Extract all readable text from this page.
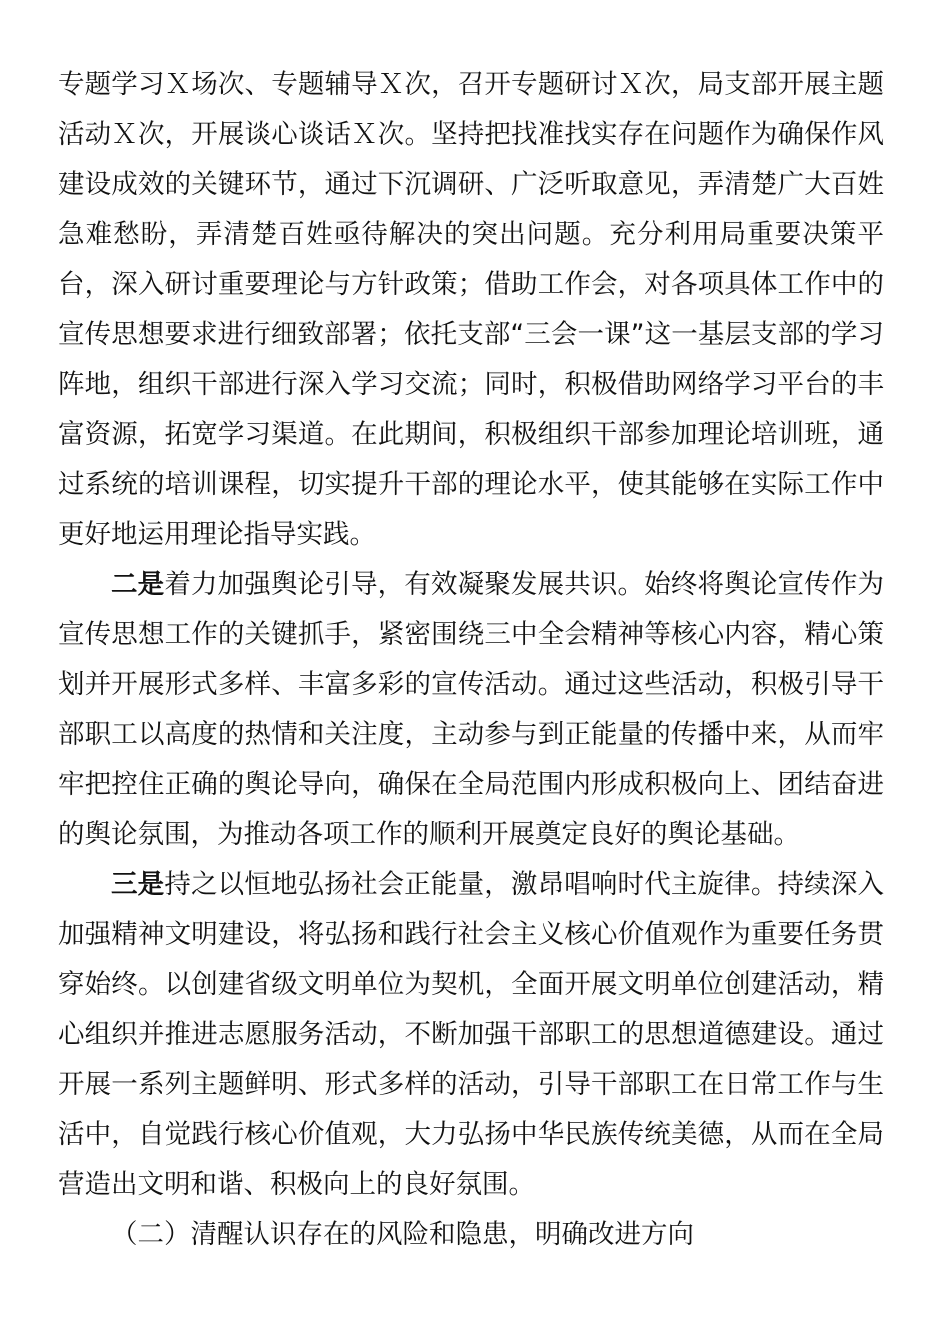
专题学习Ｘ场次、专题辅导Ｘ次，召开专题研讨Ｘ次，局支部开展主题活动Ｘ次，开展谈心谈话Ｘ次。坚持把找准找实存在问题作为确保作风建设成效的关键环节，通过下沉调研、广泛听取意见，弄清楚广大百姓急难愁盼，弄清楚百姓亟待解决的突出问题。充分利用局重要决策平台，深入研讨重要理论与方针政策；借助工作会，对各项具体工作中的宣传思想要求进行细致部署；依托支部“三会一课”这一基层支部的学习阵地，组织干部进行深入学习交流；同时，积极借助网络学习平台的丰富资源，拓宽学习渠道。在此期间，积极组织干部参加理论培训班，通过系统的培训课程，切实提升干部的理论水平，使其能够在实际工作中更好地运用理论指导实践。

二是着力加强舆论引导，有效凝聚发展共识。始终将舆论宣传作为宣传思想工作的关键抓手，紧密围绕三中全会精神等核心内容，精心策划并开展形式多样、丰富多彩的宣传活动。通过这些活动，积极引导干部职工以高度的热情和关注度，主动参与到正能量的传播中来，从而牢牢把控住正确的舆论导向，确保在全局范围内形成积极向上、团结奋进的舆论氛围，为推动各项工作的顺利开展奠定良好的舆论基础。

三是持之以恒地弘扬社会正能量，激昂唱响时代主旋律。持续深入加强精神文明建设，将弘扬和践行社会主义核心价值观作为重要任务贯穿始终。以创建省级文明单位为契机，全面开展文明单位创建活动，精心组织并推进志愿服务活动，不断加强干部职工的思想道德建设。通过开展一系列主题鲜明、形式多样的活动，引导干部职工在日常工作与生活中，自觉践行核心价值观，大力弘扬中华民族传统美德，从而在全局营造出文明和谐、积极向上的良好氛围。

（二）清醒认识存在的风险和隐患，明确改进方向
